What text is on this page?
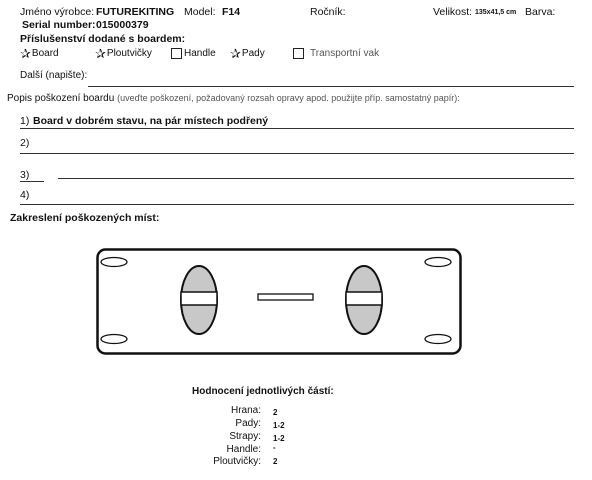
Jméno výrobce: FUTUREKITING Model: F14	Ročník:	Velikost: 135x41,5 cm Barva:
Serial number: 015000379
Příslušenství dodané s boardem:
✰ Board	✰ Ploutvičky	Handle ✰ Pady	Transportní vak
Další (napište):
Popis poškození boardu (uveďte poškození, požadovaný rozsah opravy apod. použijte příp. samostatný papír):
1) Board v dobrém stavu, na pár místech podřený
2)
3)
4)
Zakreslení poškozených míst:
Hodnocení jednotlivých částí:
Hrana: 2
Pady: 1-2
Strapy: 1-2
Handle: -
Ploutvičky: 2
